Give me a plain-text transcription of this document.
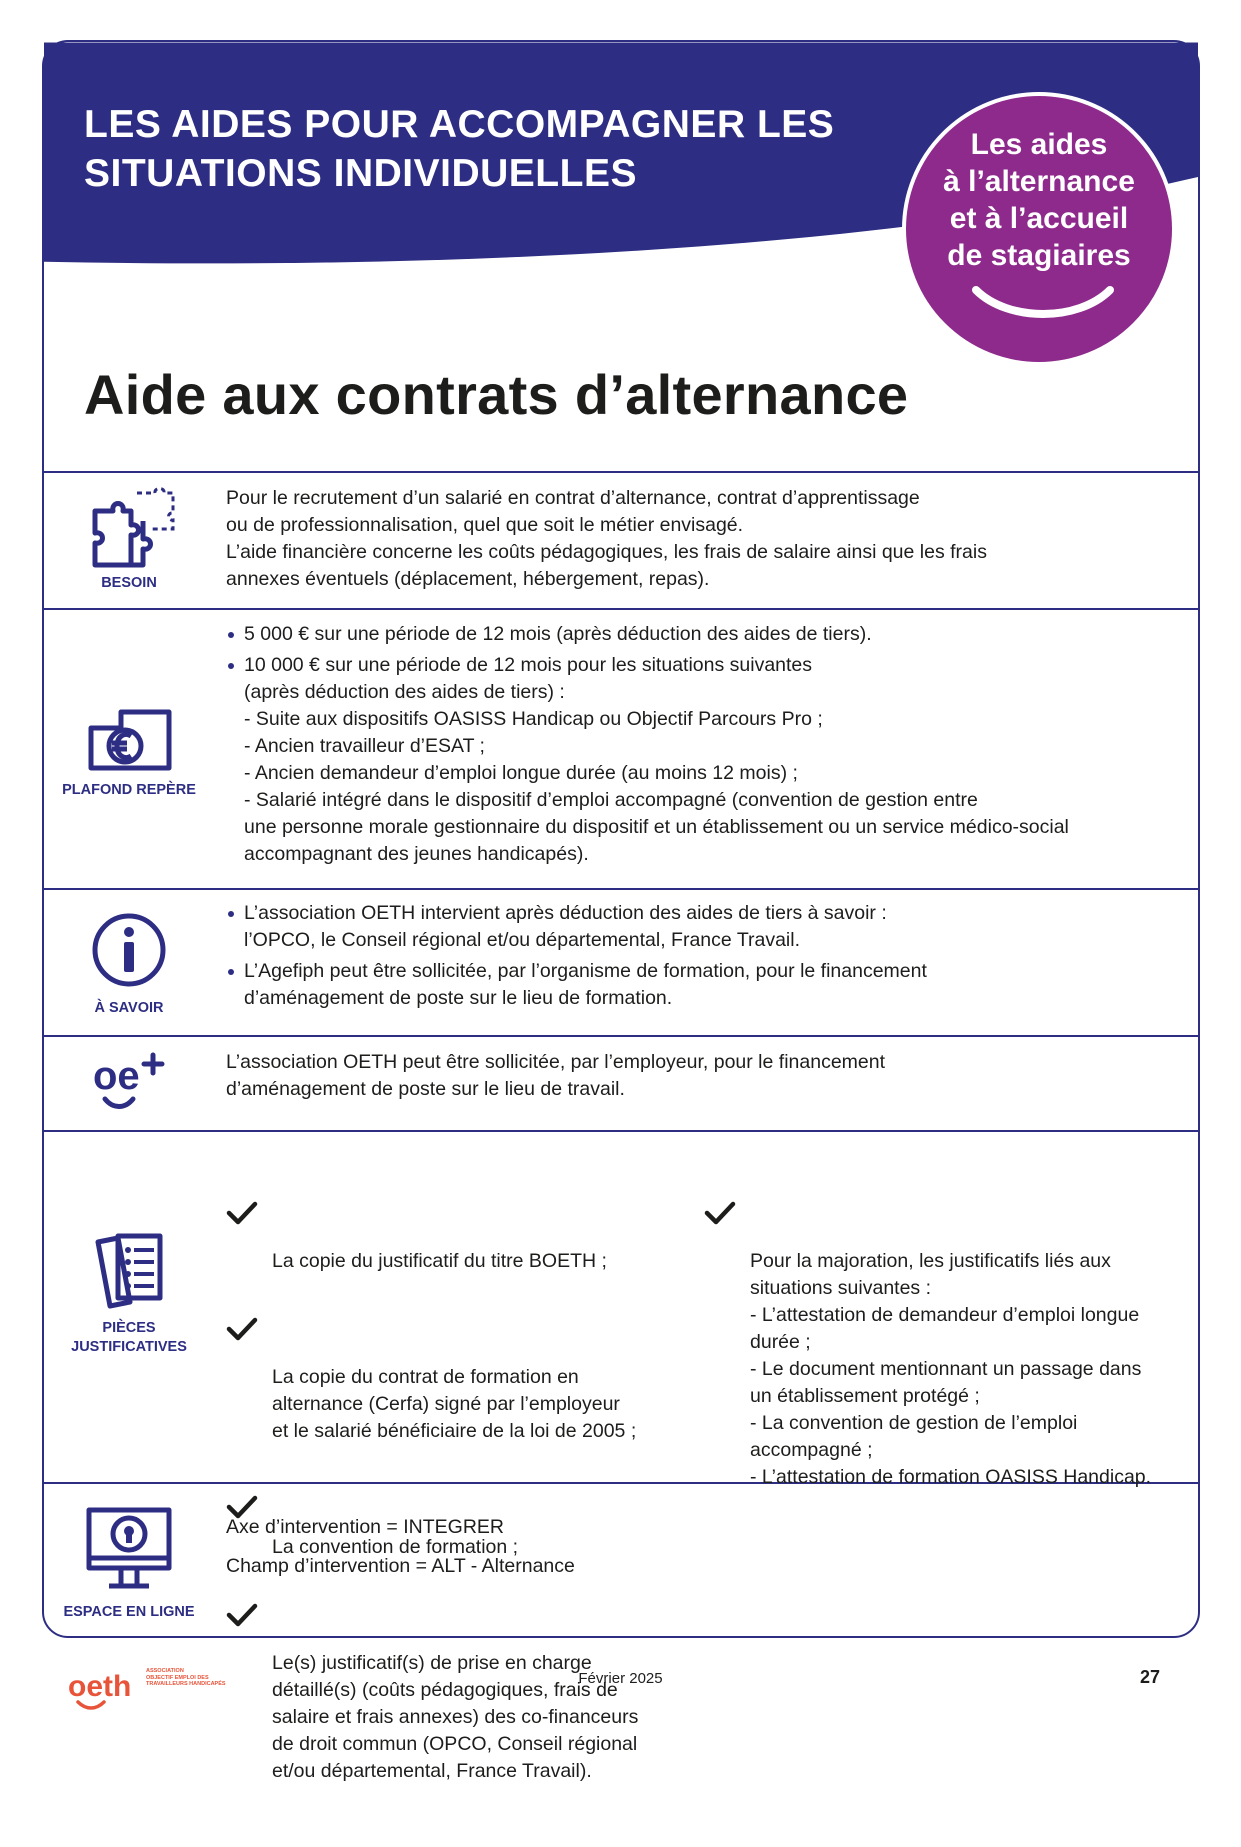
LES AIDES POUR ACCOMPAGNER LES
SITUATIONS INDIVIDUELLES
Les aides
à l’alternance
et à l’accueil
de stagiaires
Aide aux contrats d’alternance
BESOIN

Pour le recrutement d’un salarié en contrat d’alternance, contrat d’apprentissage

ou de professionnalisation, quel que soit le métier envisagé.

L’aide financière concerne les coûts pédagogiques, les frais de salaire ainsi que les frais

annexes éventuels (déplacement, hébergement, repas).

PLAFOND REPÈRE
5 000 € sur une période de 12 mois (après déduction des aides de tiers).

10 000 € sur une période de 12 mois pour les situations suivantes

(après déduction des aides de tiers) :

- Suite aux dispositifs OASISS Handicap ou Objectif Parcours Pro ;

- Ancien travailleur d’ESAT ;

- Ancien demandeur d’emploi longue durée (au moins 12 mois) ;

- Salarié intégré dans le dispositif d’emploi accompagné (convention de gestion entre

une personne morale gestionnaire du dispositif et un établissement ou un service médico-social

accompagnant des jeunes handicapés).

À SAVOIR

L’association OETH intervient après déduction des aides de tiers à savoir :

l’OPCO, le Conseil régional et/ou départemental, France Travail.

L’Agefiph peut être sollicitée, par l’organisme de formation, pour le financement

d’aménagement de poste sur le lieu de formation.

oe	L’association OETH peut être sollicitée, par l’employeur, pour le financement

d’aménagement de poste sur le lieu de travail.

PIÈCES
JUSTIFICATIVES

La copie du justificatif du titre BOETH ;

La copie du contrat de formation en
alternance (Cerfa) signé par l’employeur
et le salarié bénéficiaire de la loi de 2005 ;

La convention de formation ;

Le(s) justificatif(s) de prise en charge
détaillé(s) (coûts pédagogiques, frais de
salaire et frais annexes) des co-financeurs
de droit commun (OPCO, Conseil régional
et/ou départemental, France Travail).

Pour la majoration, les justificatifs liés aux
situations suivantes :
- L’attestation de demandeur d’emploi longue
durée ;
- Le document mentionnant un passage dans
un établissement protégé ;
- La convention de gestion de l’emploi
accompagné ;
- L’attestation de formation OASISS Handicap.

ESPACE EN LIGNE

Axe d’intervention = INTEGRER

Champ d’intervention = ALT - Alternance

oeth	ASSOCIATION
OBJECTIF EMPLOI DES
TRAVAILLEURS HANDICAPÉS	Février 2025	27
